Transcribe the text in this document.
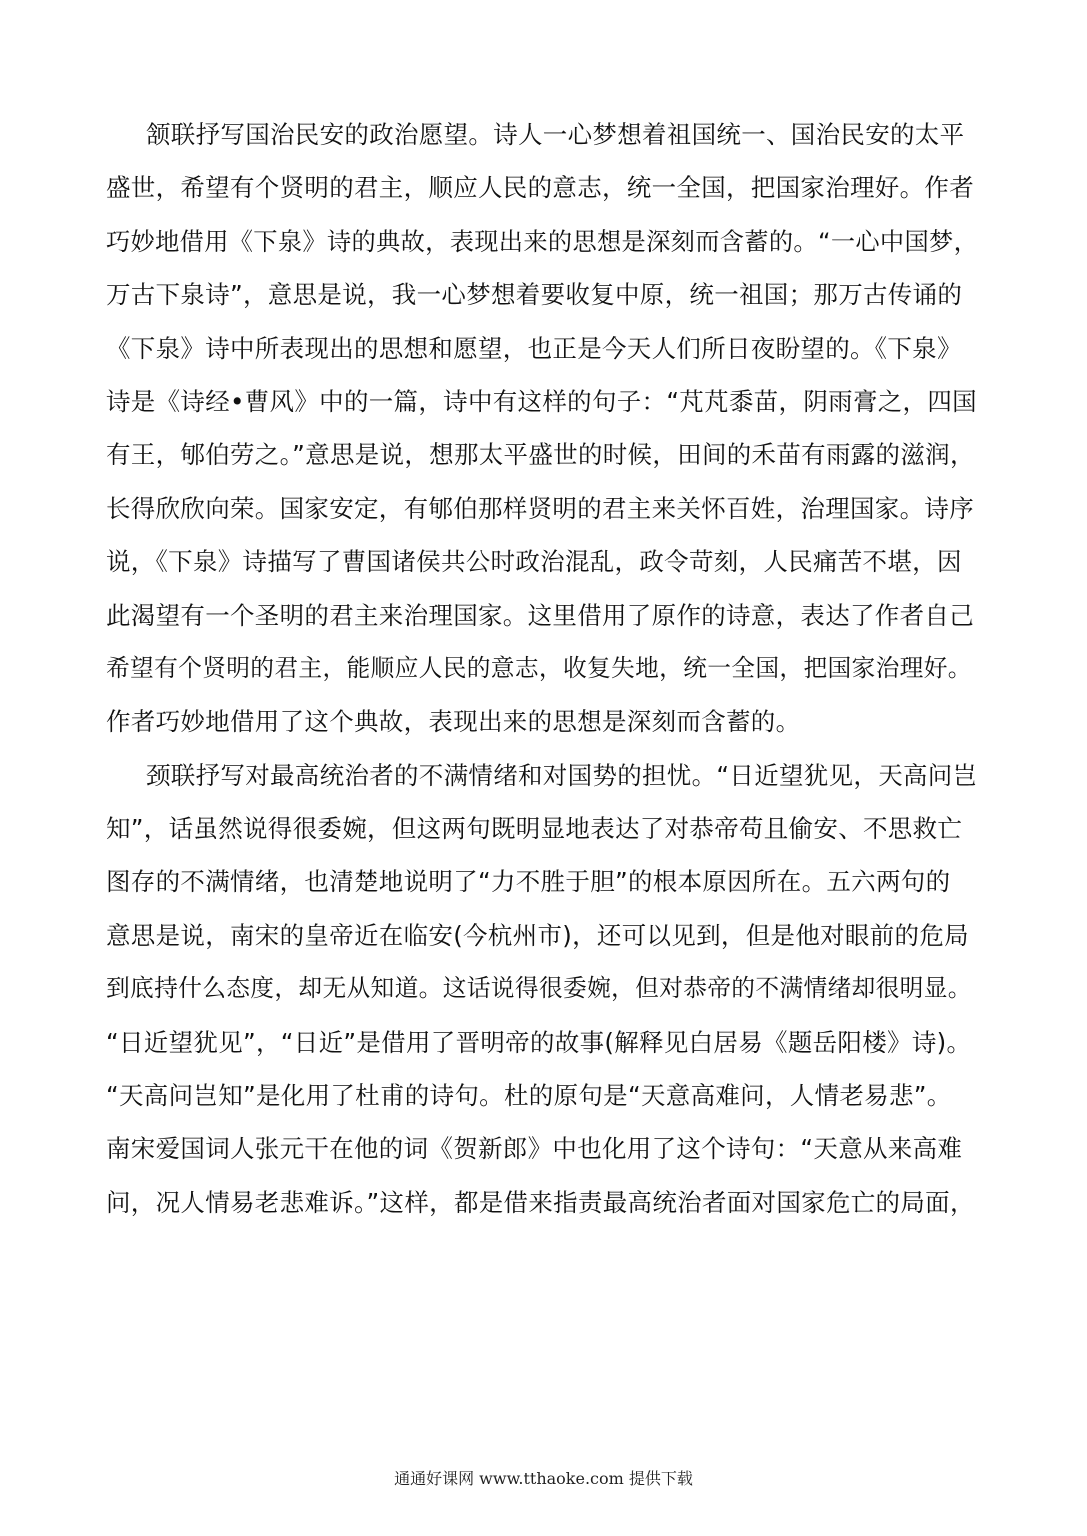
颔联抒写国治民安的政治愿望。诗人一心梦想着祖国统一、国治民安的太平
盛世，希望有个贤明的君主，顺应人民的意志，统一全国，把国家治理好。作者
巧妙地借用《下泉》诗的典故，表现出来的思想是深刻而含蓄的。“一心中国梦，
万古下泉诗”，意思是说，我一心梦想着要收复中原，统一祖国；那万古传诵的
《下泉》诗中所表现出的思想和愿望，也正是今天人们所日夜盼望的。《下泉》
诗是《诗经•曹风》中的一篇，诗中有这样的句子：“芃芃黍苗，阴雨膏之，四国
有王，郇伯劳之。”意思是说，想那太平盛世的时候，田间的禾苗有雨露的滋润，
长得欣欣向荣。国家安定，有郇伯那样贤明的君主来关怀百姓，治理国家。诗序
说，《下泉》诗描写了曹国诸侯共公时政治混乱，政令苛刻，人民痛苦不堪，因
此渴望有一个圣明的君主来治理国家。这里借用了原作的诗意，表达了作者自己
希望有个贤明的君主，能顺应人民的意志，收复失地，统一全国，把国家治理好。
作者巧妙地借用了这个典故，表现出来的思想是深刻而含蓄的。
颈联抒写对最高统治者的不满情绪和对国势的担忧。“日近望犹见，天高问岂
知”，话虽然说得很委婉，但这两句既明显地表达了对恭帝苟且偷安、不思救亡
图存的不满情绪，也清楚地说明了“力不胜于胆”的根本原因所在。五六两句的
意思是说，南宋的皇帝近在临安(今杭州市)，还可以见到，但是他对眼前的危局
到底持什么态度，却无从知道。这话说得很委婉，但对恭帝的不满情绪却很明显。
“日近望犹见”，“日近”是借用了晋明帝的故事(解释见白居易《题岳阳楼》诗)。
“天高问岂知”是化用了杜甫的诗句。杜的原句是“天意高难问，人情老易悲”。
南宋爱国词人张元干在他的词《贺新郎》中也化用了这个诗句：“天意从来高难
问，况人情易老悲难诉。”这样，都是借来指责最高统治者面对国家危亡的局面，
通通好课网 www.tthaoke.com 提供下载
